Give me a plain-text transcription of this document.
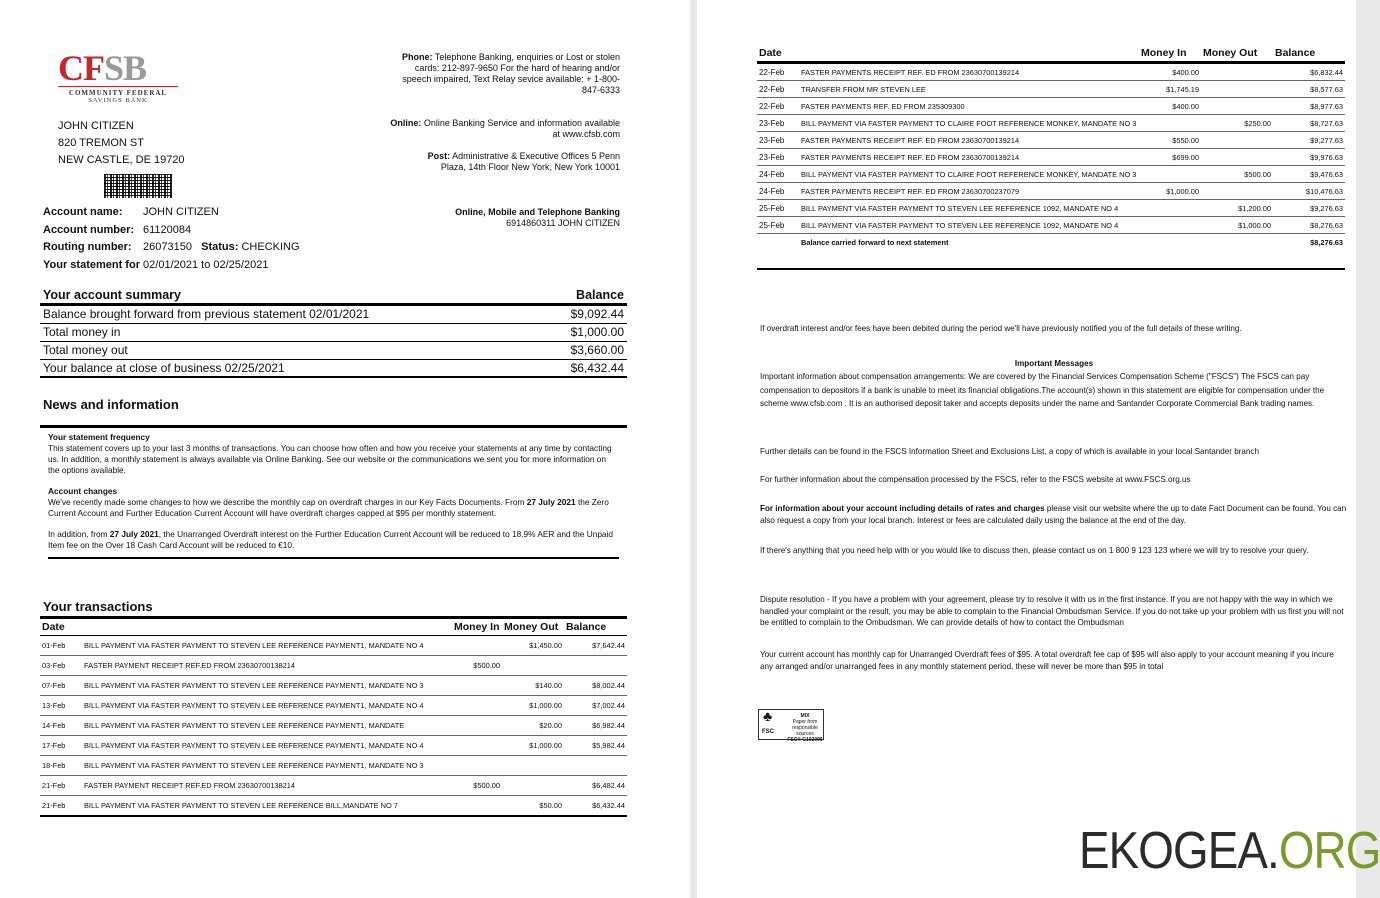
CFSB
COMMUNITY FEDERAL
SAVINGS BANK
JOHN CITIZEN
820 TREMON ST
NEW CASTLE, DE 19720
Phone: Telephone Banking, enquiries or Lost or stolen cards: 212-897-9650 For the hard of hearing and/or speech impaired, Text Relay sevice available: + 1-800-847-6333
Online: Online Banking Service and information available at www.cfsb.com
Post: Administrative & Executive Offices 5 Penn Plaza, 14th Floor New York, New York 10001
Online, Mobile and Telephone Banking
6914860311 JOHN CITIZEN
Account name: JOHN CITIZEN
Account number: 61120084
Routing number: 26073150 Status: CHECKING
Your statement for 02/01/2021 to 02/25/2021
Your account summary	Balance
Balance brought forward from previous statement 02/01/2021	$9,092.44
Total money in	$1,000.00
Total money out	$3,660.00
Your balance at close of business 02/25/2021	$6,432.44
News and information
Your statement frequency

This statement covers up to your last 3 months of transactions. You can choose how often and how you receive your statements at any time by contacting us. In addition, a monthly statement is always available via Online Banking. See our website or the communications we sent you for more information on the options available.

Account changes

We've recently made some changes to how we describe the monthly cap on overdraft charges in our Key Facts Documents. From 27 July 2021 the Zero Current Account and Further Education Current Account will have overdraft charges capped at $95 per monthly statement.

In addition, from 27 July 2021, the Unarranged Overdraft interest on the Further Education Current Account will be reduced to 18.9% AER and the Unpaid Item fee on the Over 18 Cash Card Account will be reduced to €10.

Your transactions
Date		Money In	Money Out	Balance
01-Feb	BILL PAYMENT VIA FASTER PAYMENT TO STEVEN LEE REFERENCE PAYMENT1, MANDATE NO 4		$1,450.00	$7,642.44
03-Feb	FASTER PAYMENT RECEIPT REF.ED FROM 23630700138214	$500.00		
07-Feb	BILL PAYMENT VIA FASTER PAYMENT TO STEVEN LEE REFERENCE PAYMENT1, MANDATE NO 3		$140.00	$8,002.44
13-Feb	BILL PAYMENT VIA FASTER PAYMENT TO STEVEN LEE REFERENCE PAYMENT1, MANDATE NO 4		$1,000.00	$7,002.44
14-Feb	BILL PAYMENT VIA FASTER PAYMENT TO STEVEN LEE REFERENCE PAYMENT1, MANDATE		$20.00	$6,982.44
17-Feb	BILL PAYMENT VIA FASTER PAYMENT TO STEVEN LEE REFERENCE PAYMENT1, MANDATE NO 4		$1,000.00	$5,982.44
18-Feb	BILL PAYMENT VIA FASTER PAYMENT TO STEVEN LEE REFERENCE PAYMENT1, MANDATE NO 3			
21-Feb	FASTER PAYMENT RECEIPT REF.ED FROM 23630700138214	$500.00		$6,482.44
21-Feb	BILL PAYMENT VIA FASTER PAYMENT TO STEVEN LEE REFERENCE BILL,MANDATE NO 7		$50.00	$6,432.44
Date		Money In	Money Out	Balance
22-Feb	FASTER PAYMENTS RECEIPT REF. ED FROM 23630700139214	$400.00		$6,832.44
22-Feb	TRANSFER FROM MR STEVEN LEE	$1,745.19		$8,577.63
22-Feb	FASTER PAYMENTS REF. ED FROM 235309300	$400.00		$8,977.63
23-Feb	BILL PAYMENT VIA FASTER PAYMENT TO CLAIRE FOOT REFERENCE MONKEY, MANDATE NO 3		$250.00	$8,727.63
23-Feb	FASTER PAYMENTS RECEIPT REF. ED FROM 23630700139214	$550.00		$9,277.63
23-Feb	FASTER PAYMENTS RECEIPT REF. ED FROM 23630700139214	$699.00		$9,976.63
24-Feb	BILL PAYMENT VIA FASTER PAYMENT TO CLAIRE FOOT REFERENCE MONKEY, MANDATE NO 3		$500.00	$9,476.63
24-Feb	FASTER PAYMENTS RECEIPT REF. ED FROM 23630700237079	$1,000.00		$10,476.63
25-Feb	BILL PAYMENT VIA FASTER PAYMENT TO STEVEN LEE REFERENCE 1092, MANDATE NO 4		$1,200.00	$9,276.63
25-Feb	BILL PAYMENT VIA FASTER PAYMENT TO STEVEN LEE REFERENCE 1092, MANDATE NO 4		$1,000.00	$8,276.63
	Balance carried forward to next statement			$8,276.63
If overdraft interest and/or fees have been debited during the period we'll have previously notified you of the full details of these writing.
Important Messages
Important information about compensation arrangements: We are covered by the Financial Services Compensation Scheme ("FSCS") The FSCS can pay compensation to depositors if a bank is unable to meet its financial obligations.The account(s) shown in this statement are eligible for compensation under the scheme www.cfsb.com . It is an authorised deposit taker and accepts deposits under the name and Santander Corporate Commercial Bank trading names.
Further details can be found in the FSCS Information Sheet and Exclusions List, a copy of which is available in your local Santander branch
For further information about the compensation processed by the FSCS, refer to the FSCS website at www.FSCS.org.us
For information about your account including details of rates and charges please visit our website where the up to date Fact Document can be found. You can also request a copy from your local branch. Interest or fees are calculated daily using the balance at the end of the day.
If there's anything that you need help with or you would like to discuss then, please contact us on 1 800 9 123 123 where we will try to resolve your query.
Dispute resolution - If you have a problem with your agreement, please try to resolve it with us in the first instance. If you are not happy with the way in which we handled your complaint or the result, you may be able to complain to the Financial Ombudsman Service. If you do not take up your problem with us first you will not be entitled to complain to the Ombudsman. We can provide details of how to contact the Ombudsman
Your current account has monthly cap for Unarranged Overdraft fees of $95. A total overdraft fee cap of $95 will also apply to your account meaning if you incure any arranged and/or unarranged fees in any monthly statement period, these will never be more than $95 in total
♣
FSC
MIX
Paper from responsible sources
FSC® C102096
EKOGEA.ORG
